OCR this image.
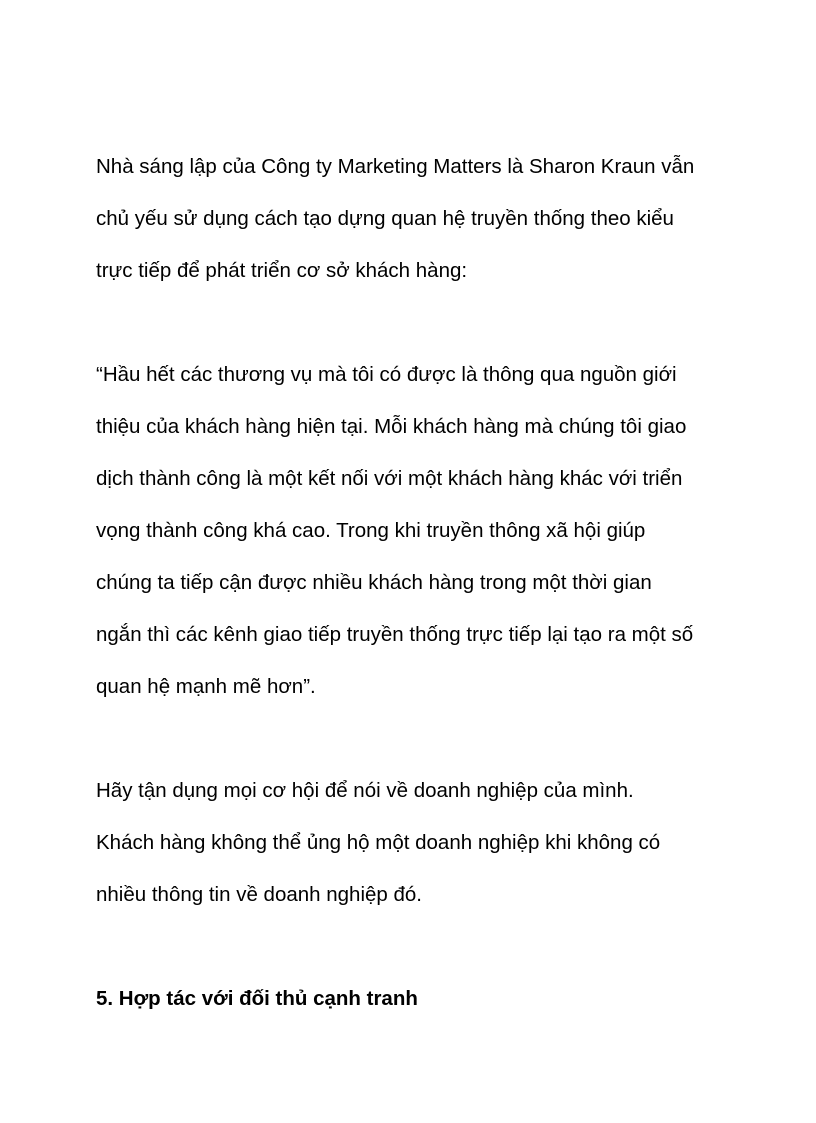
Nhà sáng lập của Công ty Marketing Matters là Sharon Kraun vẫn
chủ yếu sử dụng cách tạo dựng quan hệ truyền thống theo kiểu
trực tiếp để phát triển cơ sở khách hàng:

“Hầu hết các thương vụ mà tôi có được là thông qua nguồn giới
thiệu của khách hàng hiện tại. Mỗi khách hàng mà chúng tôi giao
dịch thành công là một kết nối với một khách hàng khác với triển
vọng thành công khá cao. Trong khi truyền thông xã hội giúp
chúng ta tiếp cận được nhiều khách hàng trong một thời gian
ngắn thì các kênh giao tiếp truyền thống trực tiếp lại tạo ra một số
quan hệ mạnh mẽ hơn”.

Hãy tận dụng mọi cơ hội để nói về doanh nghiệp của mình.
Khách hàng không thể ủng hộ một doanh nghiệp khi không có
nhiều thông tin về doanh nghiệp đó.

5. Hợp tác với đối thủ cạnh tranh
